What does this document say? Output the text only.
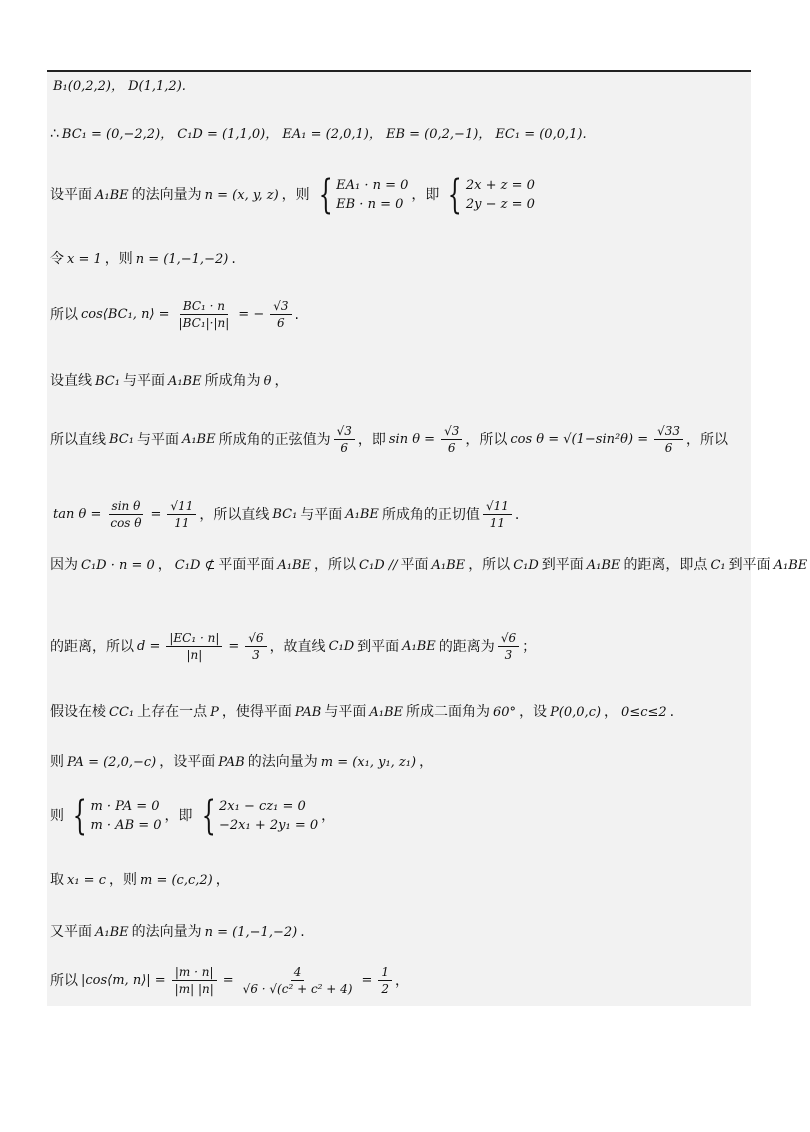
B₁(0,2,2)， D(1,1,2).
∴ BC₁ = (0,−2,2)， C₁D = (1,1,0)， EA₁ = (2,0,1)， EB = (0,2,−1)， EC₁ = (0,0,1).
设平面 A₁BE 的法向量为 n = (x, y, z) ，则 { EA₁ · n = 0
EB · n = 0
，即 { 2x + z = 0
2y − z = 0
令 x = 1 ，则 n = (1,−1,−2) .
所以 cos⟨BC₁, n⟩ = $\frac{\text{BC₁ · n}}{\text{|BC₁|·|n|}}$ = − $\frac{√3}{6}$ .
设直线 BC₁ 与平面 A₁BE 所成角为 θ ，
所以直线 BC₁ 与平面 A₁BE 所成角的正弦值为 $\frac{√3}{6}$ ，即 $\sin \theta = \frac{√3}{6}$ ，所以 $\cos \theta = √(1-\sin^2\theta) = \frac{√33}{6}$ ，所以
$\tan \theta = \frac{\text{sin θ}}{\text{cos θ}} = \frac{√11}{11}$ ，所以直线 BC₁ 与平面 A₁BE 所成角的正切值 $\frac{√11}{11}$ .
因为 C₁D · n = 0 ， C₁D ⊄ 平面平面 A₁BE ，所以 C₁D // 平面 A₁BE ，所以 C₁D 到平面 A₁BE 的距离，即点 C₁ 到平面 A₁BE
的距离，所以 $d = \frac{\text{|EC₁ · n|}}{|n|} = \frac{√6}{3}$ ，故直线 C₁D 到平面 A₁BE 的距离为 $\frac{√6}{3}$ ；
假设在棱 CC₁ 上存在一点 P ，使得平面 PAB 与平面 A₁BE 所成二面角为 60° ，设 P(0,0,c) ， 0≤c≤2 .
则 PA = (2,0,−c) ，设平面 PAB 的法向量为 m = (x₁, y₁, z₁) ，
则 { m · PA = 0
m · AB = 0
，即 { 2x₁ − cz₁ = 0
−2x₁ + 2y₁ = 0
，
取 x₁ = c ，则 m = (c,c,2) ，
又平面 A₁BE 的法向量为 n = (1,−1,−2) .
所以 |cos⟨m, n⟩| = $\frac{|m \cdot n|}{|m| |n|} = \frac{4}{\text{√6 · √(c² + c² + 4)}} = \frac{1}{2}$ ，
